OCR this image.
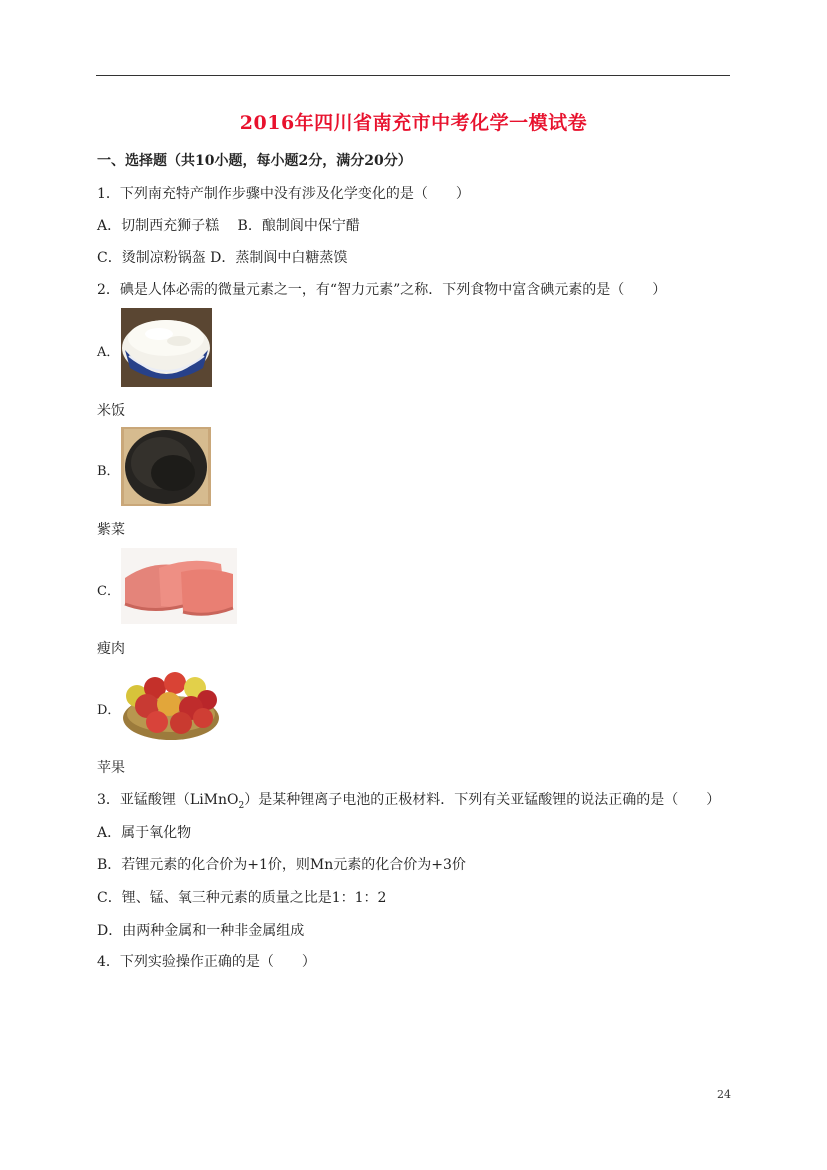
2016年四川省南充市中考化学一模试卷
一、选择题（共10小题，每小题2分，满分20分）
1．下列南充特产制作步骤中没有涉及化学变化的是（　　）
A．切制西充狮子糕　 B．酿制阆中保宁醋
C．烫制凉粉锅盔 D．蒸制阆中白糖蒸馍
2．碘是人体必需的微量元素之一，有“智力元素”之称．下列食物中富含碘元素的是（　　）
A．
米饭
B．
紫菜
C．
瘦肉
D．
苹果
3．亚锰酸锂（LiMnO$_2$）是某种锂离子电池的正极材料．下列有关亚锰酸锂的说法正确的是（　　）
A．属于氧化物
B．若锂元素的化合价为+1价，则Mn元素的化合价为+3价
C．锂、锰、氧三种元素的质量之比是1：1：2
D．由两种金属和一种非金属组成
4．下列实验操作正确的是（　　）
24
